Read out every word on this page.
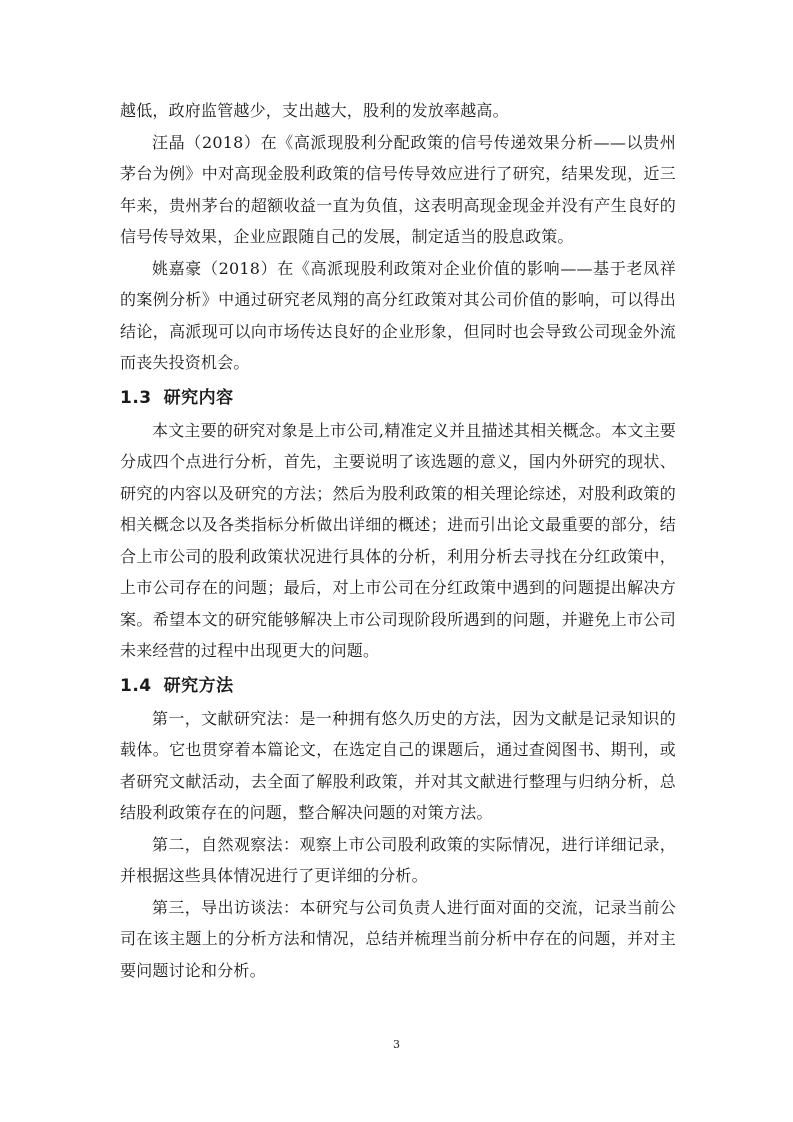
越低，政府监管越少，支出越大，股利的发放率越高。

汪晶（2018）在《高派现股利分配政策的信号传递效果分析——以贵州茅台为例》中对高现金股利政策的信号传导效应进行了研究，结果发现，近三年来，贵州茅台的超额收益一直为负值，这表明高现金现金并没有产生良好的信号传导效果，企业应跟随自己的发展，制定适当的股息政策。

姚嘉豪（2018）在《高派现股利政策对企业价值的影响——基于老凤祥的案例分析》中通过研究老凤翔的高分红政策对其公司价值的影响，可以得出结论，高派现可以向市场传达良好的企业形象，但同时也会导致公司现金外流而丧失投资机会。

1.3 研究内容

本文主要的研究对象是上市公司,精准定义并且描述其相关概念。本文主要分成四个点进行分析，首先，主要说明了该选题的意义，国内外研究的现状、研究的内容以及研究的方法；然后为股利政策的相关理论综述，对股利政策的相关概念以及各类指标分析做出详细的概述；进而引出论文最重要的部分，结合上市公司的股利政策状况进行具体的分析，利用分析去寻找在分红政策中，上市公司存在的问题；最后，对上市公司在分红政策中遇到的问题提出解决方案。希望本文的研究能够解决上市公司现阶段所遇到的问题，并避免上市公司未来经营的过程中出现更大的问题。

1.4 研究方法

第一，文献研究法：是一种拥有悠久历史的方法，因为文献是记录知识的载体。它也贯穿着本篇论文，在选定自己的课题后，通过查阅图书、期刊，或者研究文献活动，去全面了解股利政策，并对其文献进行整理与归纳分析，总结股利政策存在的问题，整合解决问题的对策方法。

第二，自然观察法：观察上市公司股利政策的实际情况，进行详细记录，并根据这些具体情况进行了更详细的分析。

第三，导出访谈法：本研究与公司负责人进行面对面的交流，记录当前公司在该主题上的分析方法和情况，总结并梳理当前分析中存在的问题，并对主要问题讨论和分析。

3
